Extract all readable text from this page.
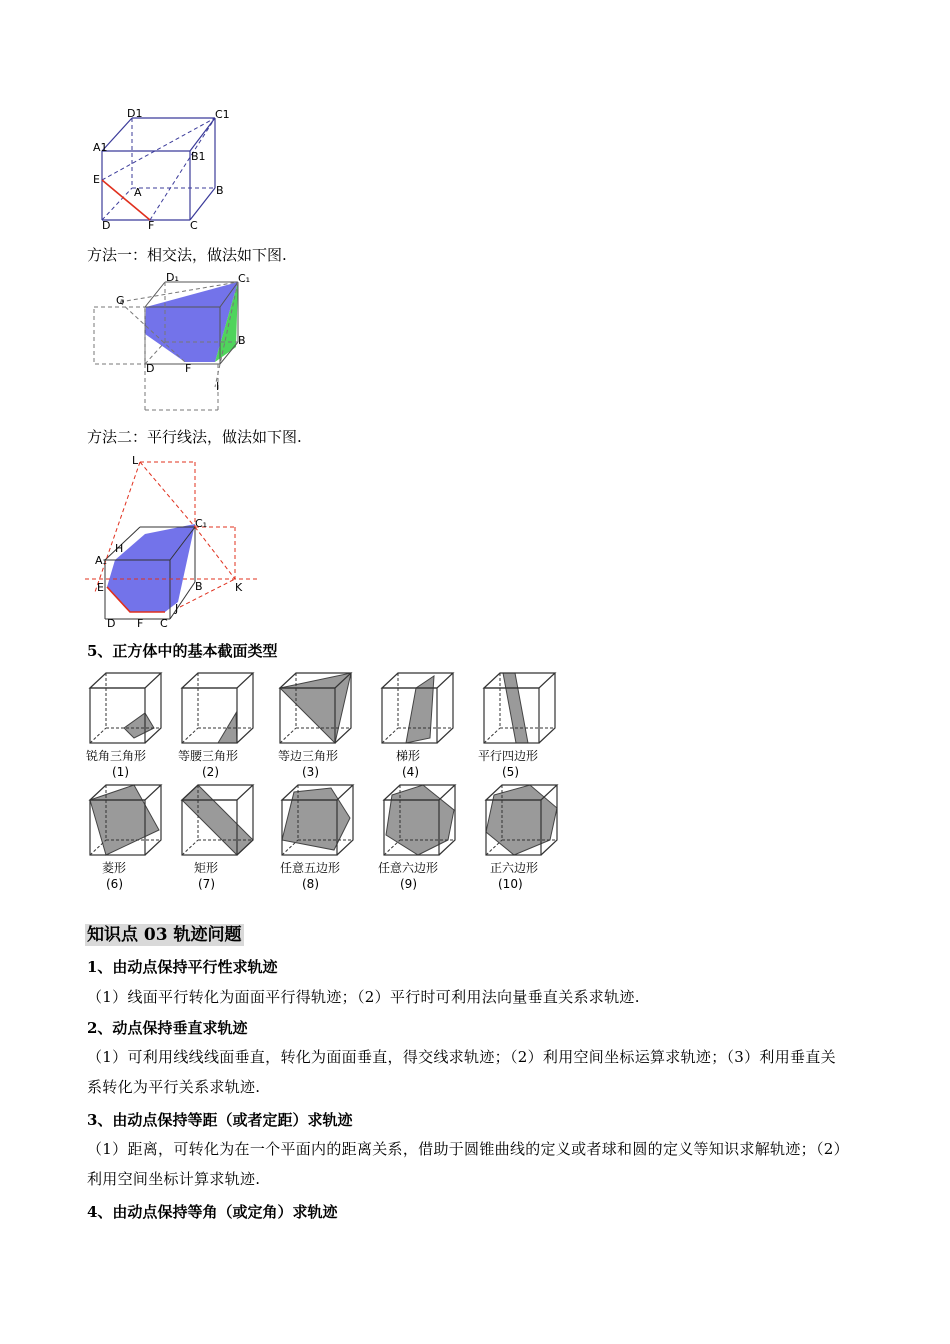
D1	C1
A1
B1
E
A	B
D	F	C
方法一：相交法，做法如下图.
D₁	C₁
G
B
D	F
I
方法二：平行线法，做法如下图.
L
C₁
H
A₁
E	B	K
D F C
J
5、正方体中的基本截面类型
锐角三角形
(1)
等腰三角形
(2)
等边三角形
(3)
梯形
(4)
平行四边形
(5)
菱形
(6)
矩形
(7)
任意五边形
(8)
任意六边形
(9)
正六边形
(10)
知识点 03 轨迹问题
1、由动点保持平行性求轨迹
（1）线面平行转化为面面平行得轨迹；（2）平行时可利用法向量垂直关系求轨迹.
2、动点保持垂直求轨迹
（1）可利用线线线面垂直，转化为面面垂直，得交线求轨迹；（2）利用空间坐标运算求轨迹；（3）利用垂直关系转化为平行关系求轨迹.
3、由动点保持等距（或者定距）求轨迹
（1）距离，可转化为在一个平面内的距离关系，借助于圆锥曲线的定义或者球和圆的定义等知识求解轨迹；（2）利用空间坐标计算求轨迹.
4、由动点保持等角（或定角）求轨迹
